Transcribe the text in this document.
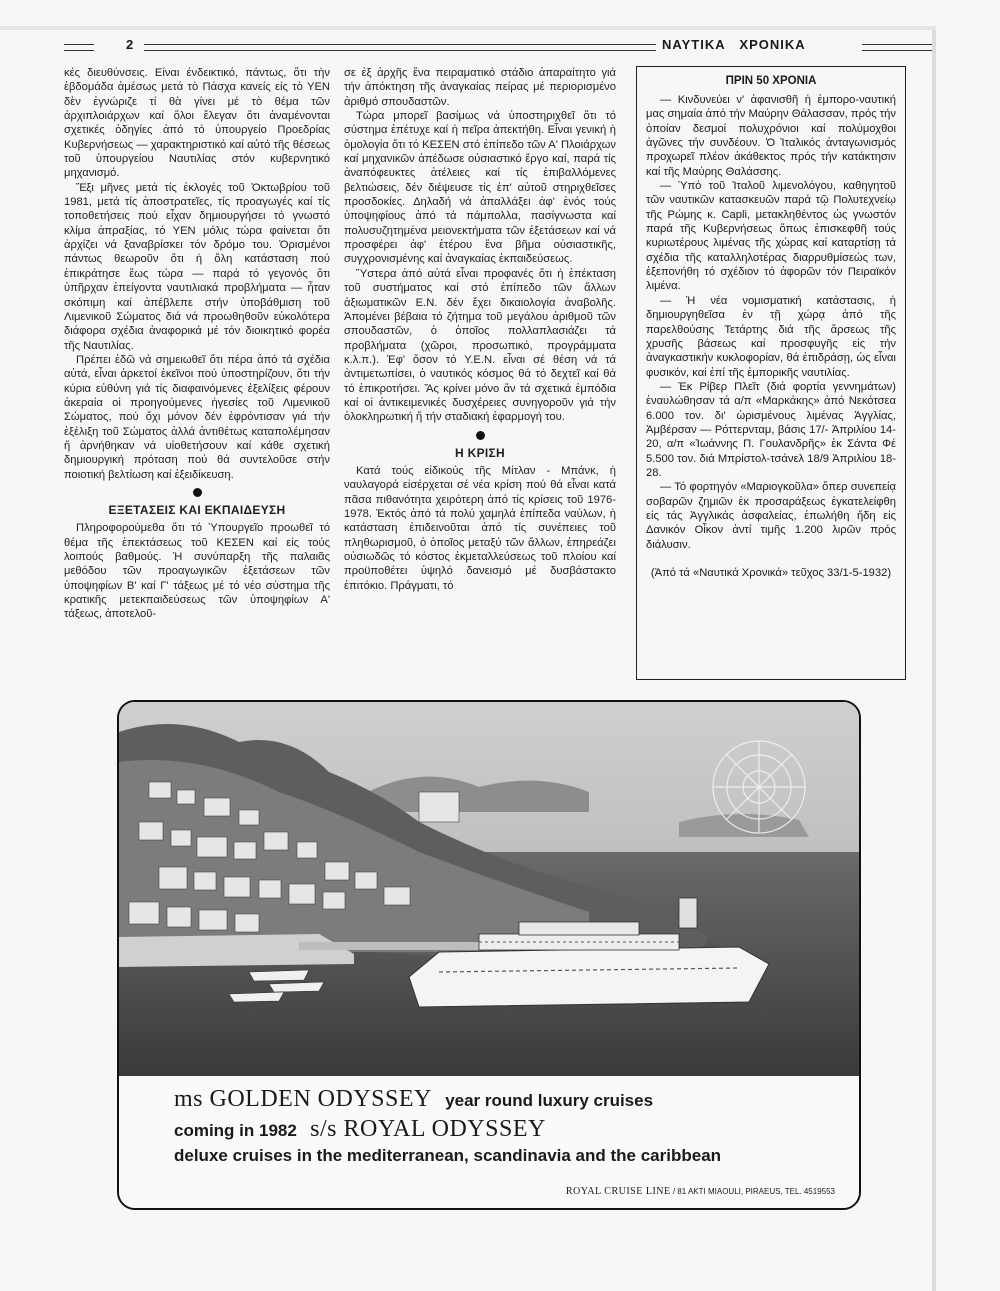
2	ΝΑΥΤΙΚΑ   ΧΡΟΝΙΚΑ

κές διευθύνσεις. Είναι ένδεικτικό, πάντως, ὅτι τὴν ἑβδομάδα ἀμέσως μετά τὸ Πάσχα κανείς εἰς τὸ ΥΕΝ δὲν ἐγνώριζε τί θὰ γίνει μέ τὸ θέμα τῶν ἀρχιπλοιάρχων καί ὅλοι ἔλεγαν ὅτι ἀναμένονται σχετικές ὁδηγίες ἀπό τό ὑπουργείο Προεδρίας Κυβερνήσεως — χαρακτηριστικό καί αὐτό τῆς θέσεως τοῦ ὑπουργείου Ναυτιλίας στόν κυβερνητικό μηχανισμό.

Ἔξι μῆνες μετά τίς ἐκλογές τοῦ Ὀκτωβρίου τοῦ 1981, μετά τίς ἀποστρατεῖες, τίς προαγωγές καί τίς τοποθετήσεις πού εἶχαν δημιουργήσει τό γνωστό κλίμα ἀπραξίας, τό ΥΕΝ μόλις τώρα φαίνεται ὅτι ἀρχίζει νά ξαναβρίσκει τόν δρόμο του. Ὁρισμένοι πάντως θεωροῦν ὅτι ἡ ὅλη κατάσταση πού ἐπικράτησε ἕως τώρα — παρά τό γεγονός ὅτι ὑπῆρχαν ἐπείγοντα ναυτιλιακά προβλήματα — ἦταν σκόπιμη καί ἀπέβλεπε στήν ὑποβάθμιση τοῦ Λιμενικοῦ Σώματος διά νά προωθηθοῦν εὐκολότερα διάφορα σχέδια ἀναφορικά μέ τόν διοικητικό φορέα τῆς Ναυτιλίας.

Πρέπει ἐδῶ νά σημειωθεῖ ὅτι πέρα ἀπό τά σχέδια αὐτά, εἶναι ἀρκετοί ἐκεῖνοι πού ὑποστηρίζουν, ὅτι τήν κύρια εὐθύνη γιά τίς διαφαινόμενες ἐξελίξεις φέρουν ἀκεραία οἱ προηγούμενες ἡγεσίες τοῦ Λιμενικοῦ Σώματος, πού ὄχι μόνον δέν ἐφρόντισαν γιά τήν ἐξέλιξη τοῦ Σώματος ἀλλά ἀντιθέτως καταπολέμησαν ἤ ἀρνήθηκαν νά υἱοθετήσουν καί κάθε σχετική δημιουργική πρόταση πού θά συντελοῦσε στήν ποιοτική βελτίωση καί ἐξειδίκευση.

ΕΞΕΤΑΣΕΙΣ ΚΑΙ ΕΚΠΑΙΔΕΥΣΗ

Πληροφορούμεθα ὅτι τό Ὑπουργεῖο προωθεῖ τό θέμα τῆς ἐπεκτάσεως τοῦ ΚΕΣΕΝ καί εἰς τούς λοιπούς βαθμούς. Ἡ συνύπαρξη τῆς παλαιᾶς μεθόδου τῶν προαγωγικῶν ἐξετάσεων τῶν ὑποψηφίων Β' καί Γ' τάξεως μέ τό νέο σύστημα τῆς κρατικῆς μετεκπαιδεύσεως τῶν ὑποψηφίων Α' τάξεως, ἀποτελοῦ-

σε ἐξ ἀρχῆς ἕνα πειραματικό στάδιο ἀπαραίτητο γιά τήν ἀπόκτηση τῆς ἀναγκαίας πείρας μέ περιορισμένο ἀριθμό σπουδαστῶν.

Τώρα μπορεῖ βασίμως νά ὑποστηριχθεῖ ὅτι τό σύστημα ἐπέτυχε καί ἡ πεῖρα ἀπεκτήθη. Εἶναι γενική ἡ ὁμολογία ὅτι τό ΚΕΣΕΝ στό ἐπίπεδο τῶν Α' Πλοιάρχων καί μηχανικῶν ἀπέδωσε οὐσιαστικό ἔργο καί, παρά τίς ἀναπόφευκτες ἀτέλειες καί τίς ἐπιβαλλόμενες βελτιώσεις, δέν διέψευσε τίς ἐπ' αὐτοῦ στηριχθεῖσες προσδοκίες. Δηλαδή νά ἀπαλλάξει ἀφ' ἑνός τούς ὑποψηφίους ἀπό τά πάμπολλα, πασίγνωστα καί πολυσυζητημένα μειονεκτήματα τῶν ἐξετάσεων καί νά προσφέρει ἀφ' ἑτέρου ἕνα βῆμα οὐσιαστικῆς, συγχρονισμένης καί ἀναγκαίας ἐκπαιδεύσεως.

Ὕστερα ἀπό αὐτά εἶναι προφανές ὅτι ἡ ἐπέκταση τοῦ συστήματος καί στό ἐπίπεδο τῶν ἄλλων ἀξιωματικῶν Ε.Ν. δέν ἔχει δικαιολογία ἀναβολῆς. Ἀπομένει βέβαια τό ζήτημα τοῦ μεγάλου ἀριθμοῦ τῶν σπουδαστῶν, ὁ ὁποῖος πολλαπλασιάζει τά προβλήματα (χῶροι, προσωπικό, προγράμματα κ.λ.π.). Ἐφ' ὅσον τό Υ.Ε.Ν. εἶναι σέ θέση νά τά ἀντιμετωπίσει, ὁ ναυτικός κόσμος θά τό δεχτεῖ καί θά τό ἐπικροτήσει. Ἄς κρίνει μόνο ἄν τά σχετικά ἐμπόδια καί οἱ ἀντικειμενικές δυσχέρειες συνηγοροῦν γιά τήν ὁλοκληρωτική ἤ τήν σταδιακή ἐφαρμογή του.

Η ΚΡΙΣΗ

Κατά τούς εἰδικούς τῆς Μίτλαν - Μπάνκ, ἡ ναυλαγορά εἰσέρχεται σέ νέα κρίση πού θά εἶναι κατά πᾶσα πιθανότητα χειρότερη ἀπό τίς κρίσεις τοῦ 1976-1978. Ἐκτός ἀπό τά πολύ χαμηλά ἐπίπεδα ναύλων, ἡ κατάσταση ἐπιδεινοῦται ἀπό τίς συνέπειες τοῦ πληθωρισμοῦ, ὁ ὁποῖος μεταξύ τῶν ἄλλων, ἐπηρεάζει οὐσιωδῶς τό κόστος ἐκμεταλλεύσεως τοῦ πλοίου καί προϋποθέτει ὑψηλό δανεισμό μέ δυσβάστακτο ἐπιτόκιο. Πράγματι, τό

ΠΡΙΝ 50 ΧΡΟΝΙΑ

— Κινδυνεύει ν' ἀφανισθῆ ἡ ἐμπορο-ναυτική μας σημαία ἀπό τήν Μαύρην Θάλασσαν, πρός τήν ὁποίαν δεσμοί πολυχρόνιοι καί πολύμοχθοι ἀγῶνες τήν συνδέουν. Ὁ Ἰταλικός ἀνταγωνισμός προχωρεῖ πλέον ἀκάθεκτος πρός τήν κατάκτησιν καί τῆς Μαύρης Θαλάσσης.

— Ὑπό τοῦ Ἰταλοῦ λιμενολόγου, καθηγητοῦ τῶν ναυτικῶν κατασκευῶν παρά τῷ Πολυτεχνείῳ τῆς Ρώμης κ. Capli, μετακληθέντος ὡς γνωστόν παρά τῆς Κυβερνήσεως ὅπως ἐπισκεφθῆ τούς κυριωτέρους λιμένας τῆς χώρας καί καταρτίσῃ τά σχέδια τῆς καταλληλοτέρας διαρρυθμίσεώς των, ἐξεπονήθη τό σχέδιον τό ἀφορῶν τόν Πειραϊκόν λιμένα.

— Ἡ νέα νομισματική κατάστασις, ἡ δημιουργηθεῖσα ἐν τῇ χώρᾳ ἀπό τῆς παρελθούσης Τετάρτης διά τῆς ἄρσεως τῆς χρυσῆς βάσεως καί προσφυγῆς εἰς τήν ἀναγκαστικήν κυκλοφορίαν, θά ἐπιδράσῃ, ὡς εἶναι φυσικόν, καί ἐπί τῆς ἐμπορικῆς ναυτιλίας.

— Ἐκ Ρίβερ Πλεῖτ (διά φορτία γεννημάτων) ἐναυλώθησαν τά α/π «Μαρκάκης» ἀπό Νεκότσεα 6.000 τον. δι' ὡρισμένους λιμένας Ἀγγλίας, Ἀμβέρσαν — Ρόττερνταμ, βάσις 17/- Ἀπριλίου 14-20, α/π «Ἰωάννης Π. Γουλανδρῆς» ἐκ Σάντα Φέ 5.500 τον. διά Μπρίστολ-τσάνελ 18/9 Ἀπριλίου 18-28.

— Τό φορτηγόν «Μαριογκοῦλα» ὅπερ συνεπείᾳ σοβαρῶν ζημιῶν ἐκ προσαράξεως ἐγκατελείφθη εἰς τάς Ἀγγλικάς ἀσφαλείας, ἐπωλήθη ἤδη εἰς Δανικόν Οἶκον ἀντί τιμῆς 1.200 λιρῶν πρός διάλυσιν.

(Ἀπό τά «Ναυτικά Χρονικά» τεῦχος 33/1-5-1932)

ms GOLDEN ODYSSEY year round luxury cruises
coming in 1982 s/s ROYAL ODYSSEY
deluxe cruises in the mediterranean, scandinavia and the caribbean
ROYAL CRUISE LINE / 81 AKTI MIAOULI, PIRAEUS, TEL. 4519553
